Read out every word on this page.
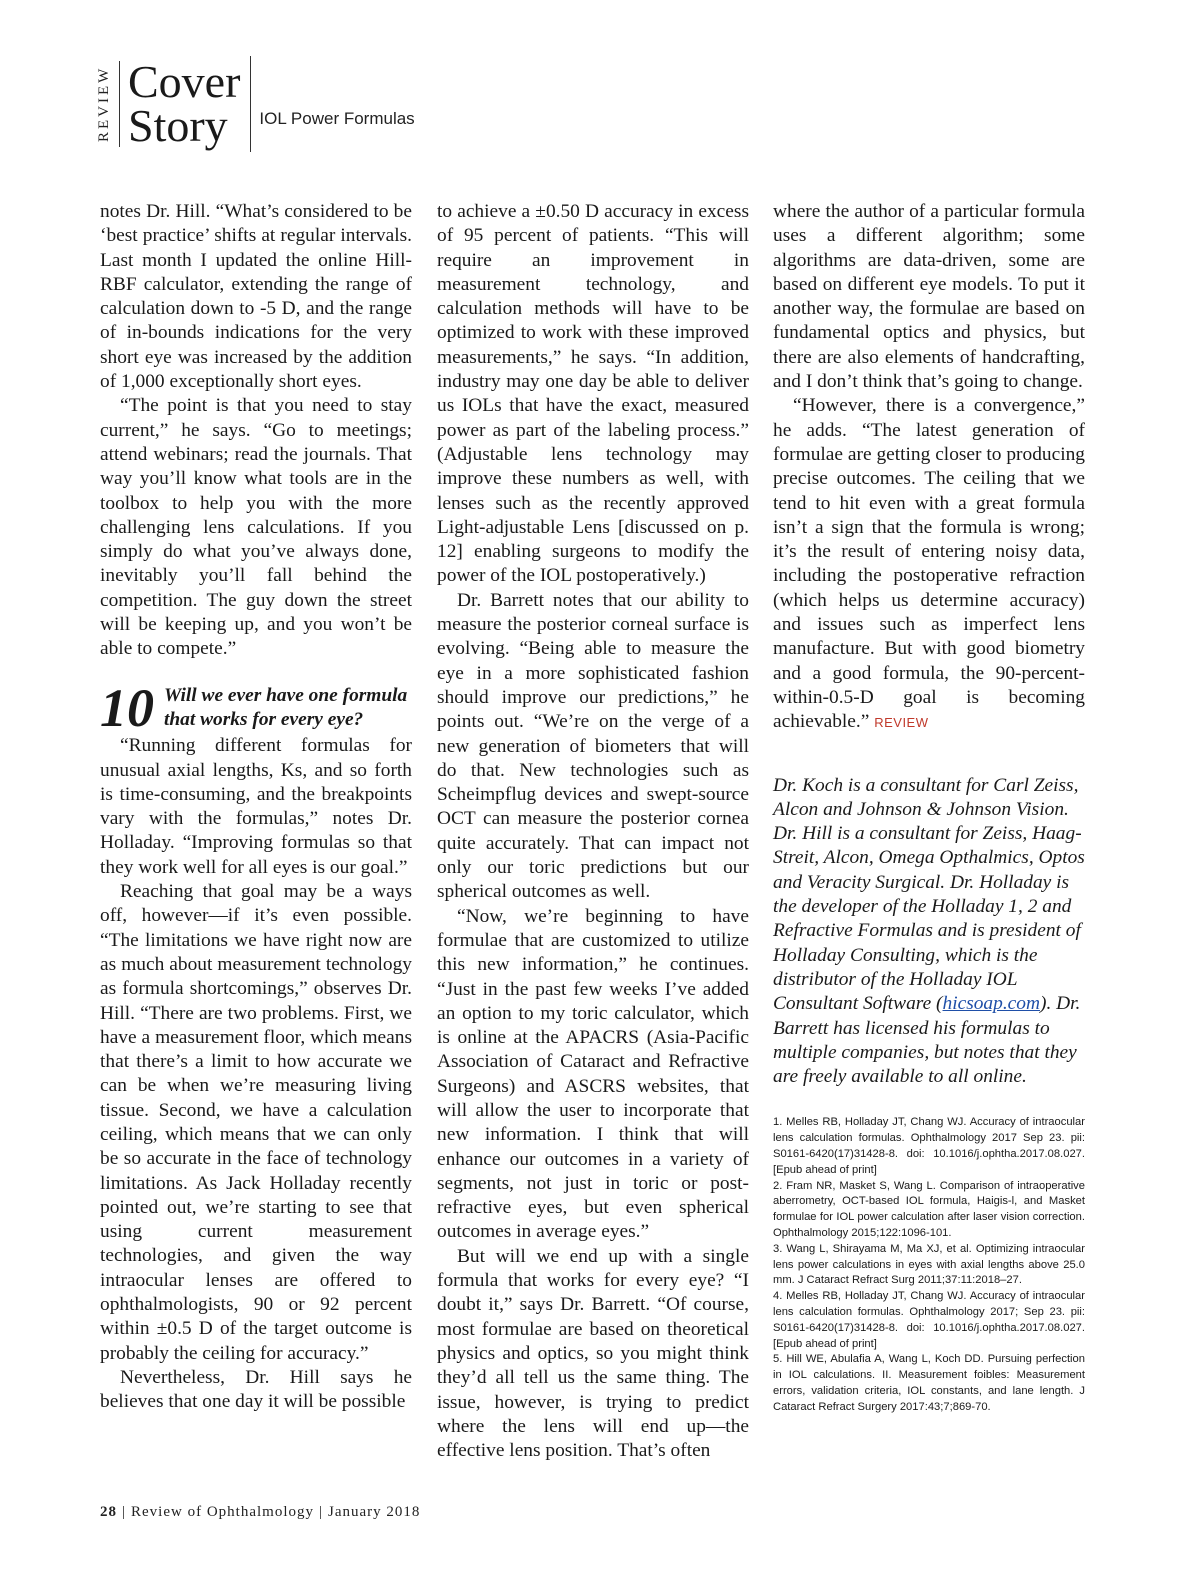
REVIEW Cover
Story	IOL Power Formulas

notes Dr. Hill. “What’s considered to be ‘best practice’ shifts at regular intervals. Last month I updated the online Hill-RBF calculator, extending the range of calculation down to -5 D, and the range of in-bounds indications for the very short eye was increased by the addition of 1,000 exceptionally short eyes.

“The point is that you need to stay current,” he says. “Go to meetings; attend webinars; read the journals. That way you’ll know what tools are in the toolbox to help you with the more challenging lens calculations. If you simply do what you’ve always done, inevitably you’ll fall behind the competition. The guy down the street will be keeping up, and you won’t be able to compete.”

10 Will we ever have one formula that works for every eye?

“Running different formulas for unusual axial lengths, Ks, and so forth is time-consuming, and the breakpoints vary with the formulas,” notes Dr. Holladay. “Improving formulas so that they work well for all eyes is our goal.”

Reaching that goal may be a ways off, however—if it’s even possible. “The limitations we have right now are as much about measurement technology as formula shortcomings,” observes Dr. Hill. “There are two problems. First, we have a measurement floor, which means that there’s a limit to how accurate we can be when we’re measuring living tissue. Second, we have a calculation ceiling, which means that we can only be so accurate in the face of technology limitations. As Jack Holladay recently pointed out, we’re starting to see that using current measurement technologies, and given the way intraocular lenses are offered to ophthalmologists, 90 or 92 percent within ±0.5 D of the target outcome is probably the ceiling for accuracy.”

Nevertheless, Dr. Hill says he believes that one day it will be possible

to achieve a ±0.50 D accuracy in excess of 95 percent of patients. “This will require an improvement in measurement technology, and calculation methods will have to be optimized to work with these improved measurements,” he says. “In addition, industry may one day be able to deliver us IOLs that have the exact, measured power as part of the labeling process.” (Adjustable lens technology may improve these numbers as well, with lenses such as the recently approved Light-adjustable Lens [discussed on p. 12] enabling surgeons to modify the power of the IOL postoperatively.)

Dr. Barrett notes that our ability to measure the posterior corneal surface is evolving. “Being able to measure the eye in a more sophisticated fashion should improve our predictions,” he points out. “We’re on the verge of a new generation of biometers that will do that. New technologies such as Scheimpflug devices and swept-source OCT can measure the posterior cornea quite accurately. That can impact not only our toric predictions but our spherical outcomes as well.

“Now, we’re beginning to have formulae that are customized to utilize this new information,” he continues. “Just in the past few weeks I’ve added an option to my toric calculator, which is online at the APACRS (Asia-Pacific Association of Cataract and Refractive Surgeons) and ASCRS websites, that will allow the user to incorporate that new information. I think that will enhance our outcomes in a variety of segments, not just in toric or post-refractive eyes, but even spherical outcomes in average eyes.”

But will we end up with a single formula that works for every eye? “I doubt it,” says Dr. Barrett. “Of course, most formulae are based on theoretical physics and optics, so you might think they’d all tell us the same thing. The issue, however, is trying to predict where the lens will end up—the effective lens position. That’s often

where the author of a particular formula uses a different algorithm; some algorithms are data-driven, some are based on different eye models. To put it another way, the formulae are based on fundamental optics and physics, but there are also elements of handcrafting, and I don’t think that’s going to change.

“However, there is a convergence,” he adds. “The latest generation of formulae are getting closer to producing precise outcomes. The ceiling that we tend to hit even with a great formula isn’t a sign that the formula is wrong; it’s the result of entering noisy data, including the postoperative refraction (which helps us determine accuracy) and issues such as imperfect lens manufacture. But with good biometry and a good formula, the 90-percent-within-0.5-D goal is becoming achievable.” REVIEW

Dr. Koch is a consultant for Carl Zeiss, Alcon and Johnson & Johnson Vision. Dr. Hill is a consultant for Zeiss, Haag-Streit, Alcon, Omega Opthalmics, Optos and Veracity Surgical. Dr. Holladay is the developer of the Holladay 1, 2 and Refractive Formulas and is president of Holladay Consulting, which is the distributor of the Holladay IOL Consultant Software (hicsoap.com). Dr. Barrett has licensed his formulas to multiple companies, but notes that they are freely available to all online.
1. Melles RB, Holladay JT, Chang WJ. Accuracy of intraocular lens calculation formulas. Ophthalmology 2017 Sep 23. pii: S0161-6420(17)31428-8. doi: 10.1016/j.ophtha.2017.08.027. [Epub ahead of print]
2. Fram NR, Masket S, Wang L. Comparison of intraoperative aberrometry, OCT-based IOL formula, Haigis-l, and Masket formulae for IOL power calculation after laser vision correction. Ophthalmology 2015;122:1096-101.
3. Wang L, Shirayama M, Ma XJ, et al. Optimizing intraocular lens power calculations in eyes with axial lengths above 25.0 mm. J Cataract Refract Surg 2011;37:11:2018–27.
4. Melles RB, Holladay JT, Chang WJ. Accuracy of intraocular lens calculation formulas. Ophthalmology 2017; Sep 23. pii: S0161-6420(17)31428-8. doi: 10.1016/j.ophtha.2017.08.027. [Epub ahead of print]
5. Hill WE, Abulafia A, Wang L, Koch DD. Pursuing perfection in IOL calculations. II. Measurement foibles: Measurement errors, validation criteria, IOL constants, and lane length. J Cataract Refract Surgery 2017:43;7;869-70.
28 | Review of Ophthalmology | January 2018
